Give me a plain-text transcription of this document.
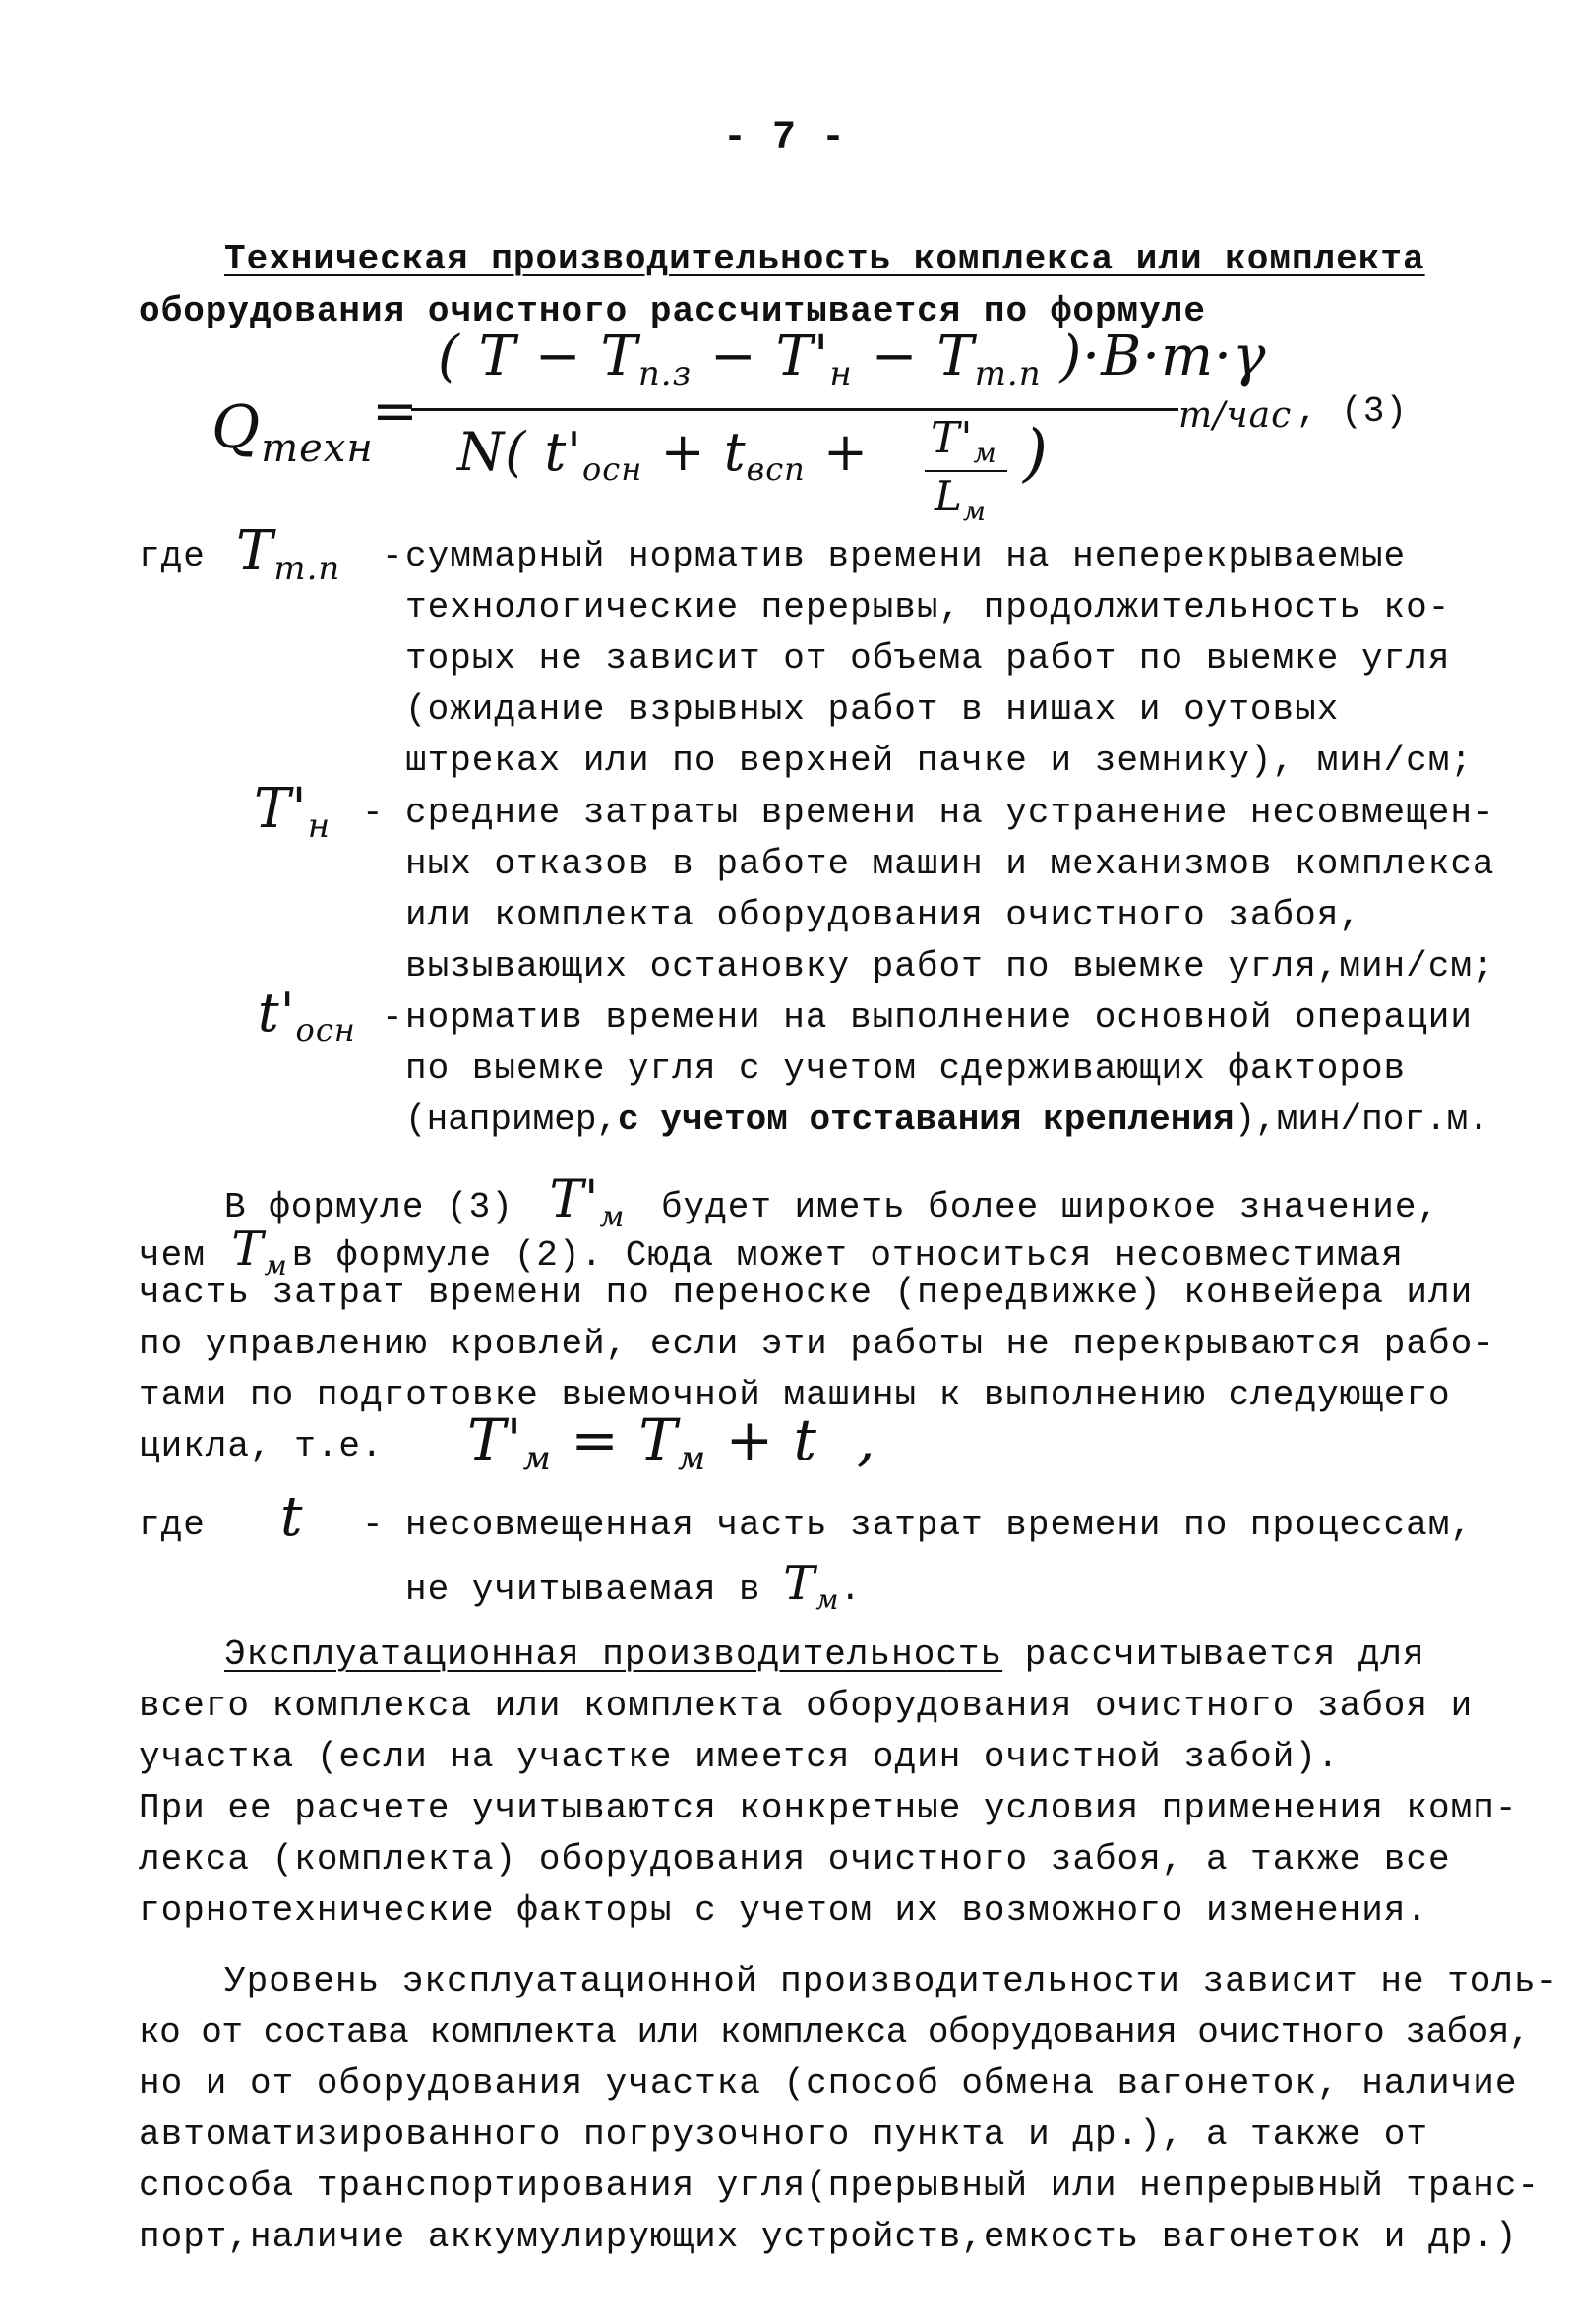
- 7 -
Техническая производительность комплекса или комплекта
оборудования очистного рассчитывается по формуле
$Q_{техн}$
=
( T − Tп.з − T'н − Tт.п )·B·m·γ
N( t'осн + tвсп + $T'_м$
$L_м$
)
т/час , (3)
где Tт.п - суммарный норматив времени на неперекрываемые
технологические перерывы, продолжительность ко-
торых не зависит от объема работ по выемке угля
(ожидание взрывных работ в нишах и оутовых
штреках или по верхней пачке и земнику), мин/см;
T'н - средние затраты времени на устранение несовмещен-
ных отказов в работе машин и механизмов комплекса
или комплекта оборудования очистного забоя,
вызывающих остановку работ по выемке угля,мин/см;
t'осн - норматив времени на выполнение основной операции
по выемке угля с учетом сдерживающих факторов
(например,с учетом отставания крепления),мин/пог.м.
В формуле (3) T'м будет иметь более широкое значение,
чем $T_м$ в формуле (2). Сюда может относиться несовместимая
часть затрат времени по переноске (передвижке) конвейера или
по управлению кровлей, если эти работы не перекрываются рабо-
тами по подготовке выемочной машины к выполнению следующего
цикла, т.е. T'м = Tм + t ,
где t - несовмещенная часть затрат времени по процессам,
не учитываемая в $T_м$.
Эксплуатационная производительность рассчитывается для
всего комплекса или комплекта оборудования очистного забоя и
участка (если на участке имеется один очистной забой).
При ее расчете учитываются конкретные условия применения комп-
лекса (комплекта) оборудования очистного забоя, а также все
горнотехнические факторы с учетом их возможного изменения.
Уровень эксплуатационной производительности зависит не толь-
ко от состава комплекта или комплекса оборудования очистного забоя,
но и от оборудования участка (способ обмена вагонеток, наличие
автоматизированного погрузочного пункта и др.), а также от
способа транспортирования угля(прерывный или непрерывный транс-
порт,наличие аккумулирующих устройств,емкость вагонеток и др.)
